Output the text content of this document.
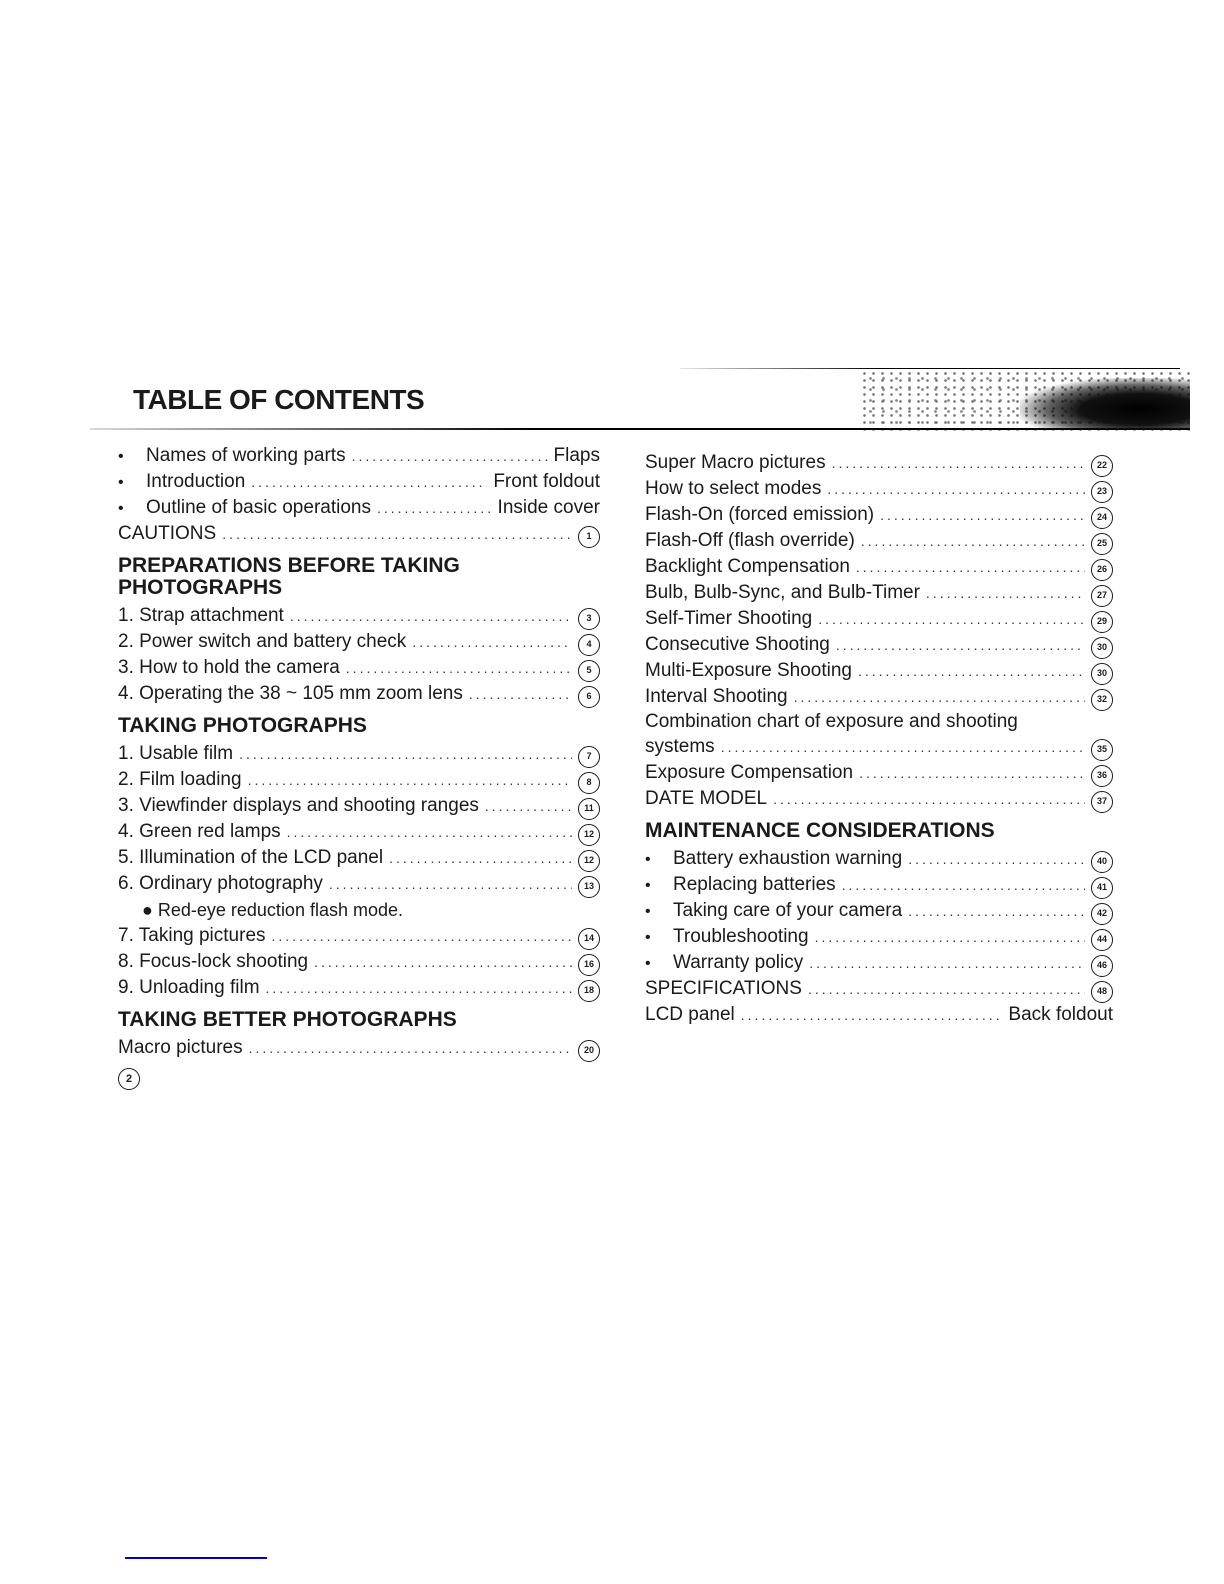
TABLE OF CONTENTS
•	Names of working parts .....	Flaps
•	Introduction .....	Front foldout
•	Outline of basic operations .....	Inside cover
CAUTIONS .....	1
PREPARATIONS BEFORE TAKING PHOTOGRAPHS
1. Strap attachment .....	3
2. Power switch and battery check .....	4
3. How to hold the camera .....	5
4. Operating the 38 ~ 105 mm zoom lens .....	6
TAKING PHOTOGRAPHS
1. Usable film .....	7
2. Film loading .....	8
3. Viewfinder displays and shooting ranges .....	11
4. Green red lamps .....	12
5. Illumination of the LCD panel .....	12
6. Ordinary photography .....	13
● Red-eye reduction flash mode.
7. Taking pictures .....	14
8. Focus-lock shooting .....	16
9. Unloading film .....	18
TAKING BETTER PHOTOGRAPHS
Macro pictures .....	20
Super Macro pictures .....	22
How to select modes .....	23
Flash-On (forced emission) .....	24
Flash-Off (flash override) .....	25
Backlight Compensation .....	26
Bulb, Bulb-Sync, and Bulb-Timer .....	27
Self-Timer Shooting .....	29
Consecutive Shooting .....	30
Multi-Exposure Shooting .....	30
Interval Shooting .....	32
Combination chart of exposure and shooting
systems .....	35
Exposure Compensation .....	36
DATE MODEL .....	37
MAINTENANCE CONSIDERATIONS
•	Battery exhaustion warning .....	40
•	Replacing batteries .....	41
•	Taking care of your camera .....	42
•	Troubleshooting .....	44
•	Warranty policy .....	46
SPECIFICATIONS .....	48
LCD panel .....	Back foldout
2
